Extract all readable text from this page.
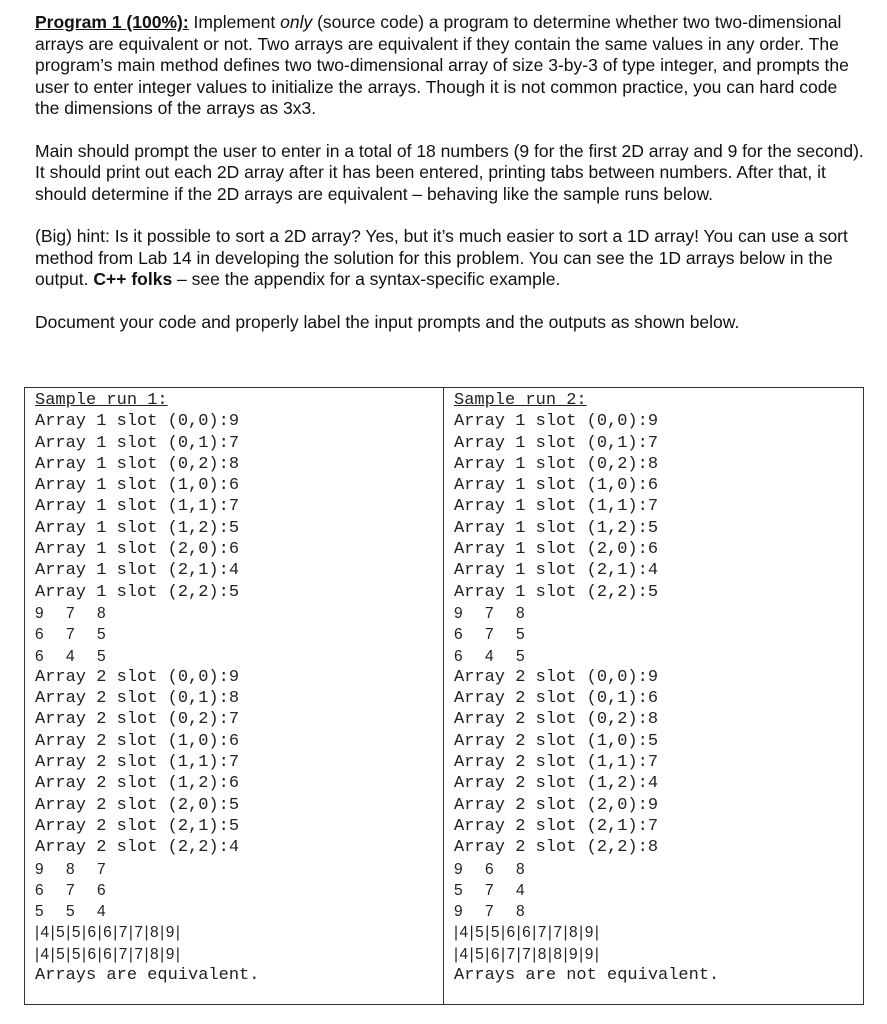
Program 1 (100%): Implement only (source code) a program to determine whether two two-dimensional arrays are equivalent or not. Two arrays are equivalent if they contain the same values in any order. The program’s main method defines two two-dimensional array of size 3-by-3 of type integer, and prompts the user to enter integer values to initialize the arrays. Though it is not common practice, you can hard code the dimensions of the arrays as 3x3.

Main should prompt the user to enter in a total of 18 numbers (9 for the first 2D array and 9 for the second). It should print out each 2D array after it has been entered, printing tabs between numbers. After that, it should determine if the 2D arrays are equivalent – behaving like the sample runs below.

(Big) hint: Is it possible to sort a 2D array? Yes, but it’s much easier to sort a 1D array! You can use a sort method from Lab 14 in developing the solution for this problem. You can see the 1D arrays below in the output. C++ folks – see the appendix for a syntax-specific example.

Document your code and properly label the input prompts and the outputs as shown below.

Sample run 1:
Array 1 slot (0,0):9
Array 1 slot (0,1):7
Array 1 slot (0,2):8
Array 1 slot (1,0):6
Array 1 slot (1,1):7
Array 1 slot (1,2):5
Array 1 slot (2,0):6
Array 1 slot (2,1):4
Array 1 slot (2,2):5
9	7	8
6	7	5
6	4	5
Array 2 slot (0,0):9
Array 2 slot (0,1):8
Array 2 slot (0,2):7
Array 2 slot (1,0):6
Array 2 slot (1,1):7
Array 2 slot (1,2):6
Array 2 slot (2,0):5
Array 2 slot (2,1):5
Array 2 slot (2,2):4
9	8	7
6	7	6
5	5	4
|4|5|5|6|6|7|7|8|9|
|4|5|5|6|6|7|7|8|9|
Arrays are equivalent.
Sample run 2:
Array 1 slot (0,0):9
Array 1 slot (0,1):7
Array 1 slot (0,2):8
Array 1 slot (1,0):6
Array 1 slot (1,1):7
Array 1 slot (1,2):5
Array 1 slot (2,0):6
Array 1 slot (2,1):4
Array 1 slot (2,2):5
9	7	8
6	7	5
6	4	5
Array 2 slot (0,0):9
Array 2 slot (0,1):6
Array 2 slot (0,2):8
Array 2 slot (1,0):5
Array 2 slot (1,1):7
Array 2 slot (1,2):4
Array 2 slot (2,0):9
Array 2 slot (2,1):7
Array 2 slot (2,2):8
9	6	8
5	7	4
9	7	8
|4|5|5|6|6|7|7|8|9|
|4|5|6|7|7|8|8|9|9|
Arrays are not equivalent.
